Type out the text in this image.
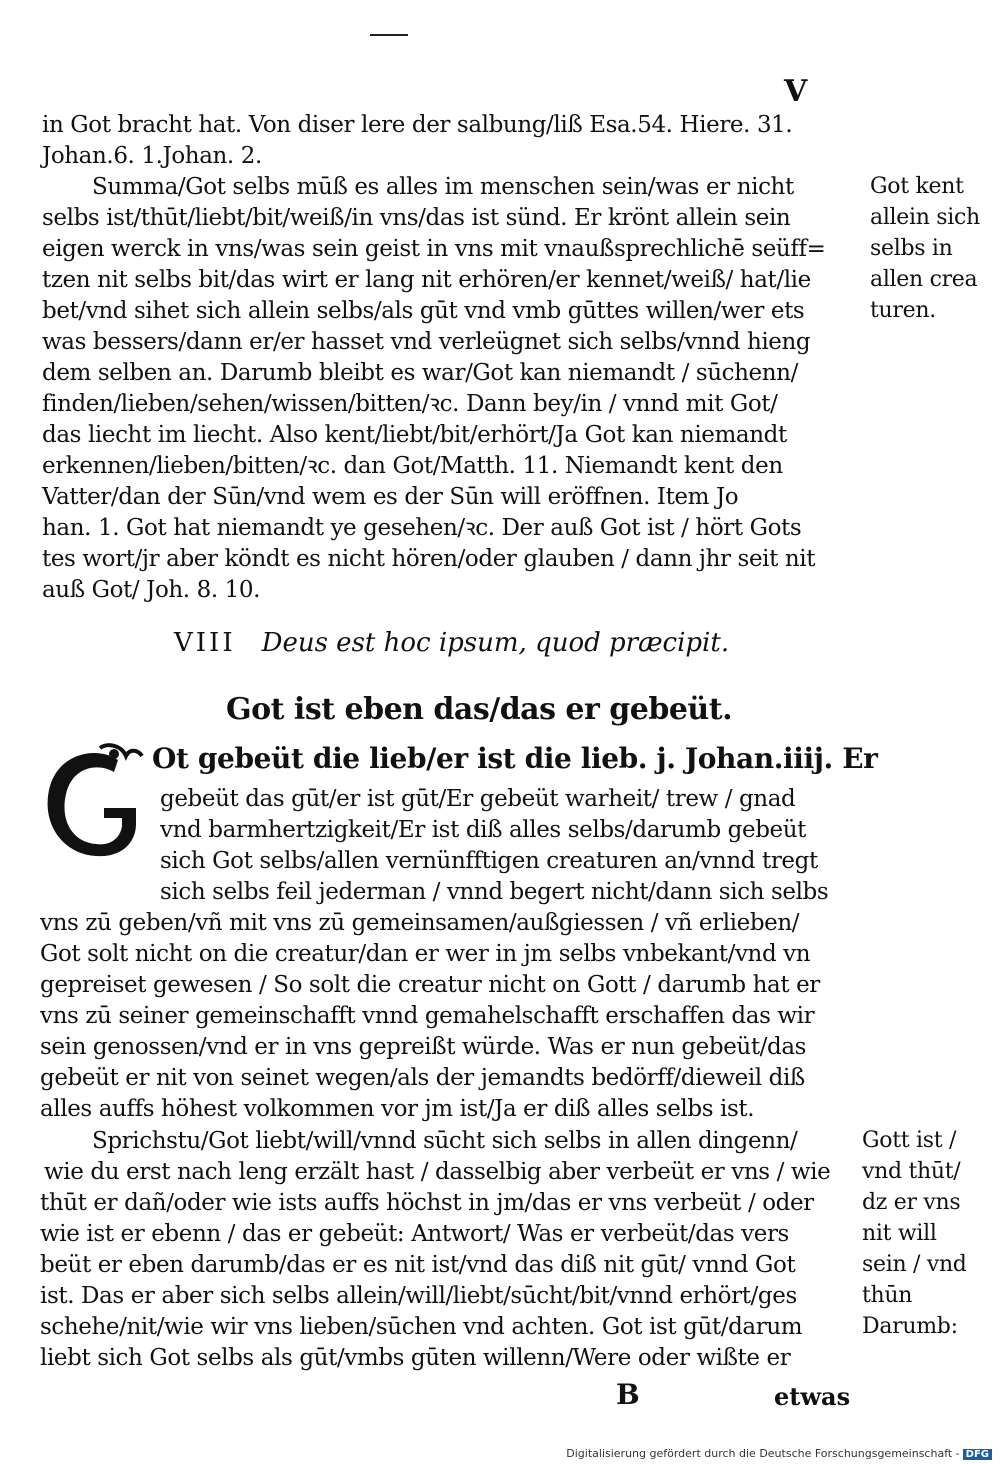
V
in Got bracht hat. Von diser lere der salbung/liß Esa.54. Hiere. 31.
Johan.6. 1.Johan. 2.
Summa/Got selbs mūß es alles im menschen sein/was er nicht
selbs ist/thūt/liebt/bit/weiß/in vns/das ist sünd. Er krönt allein sein
eigen werck in vns/was sein geist in vns mit vnaußsprechlichē seüff=
tzen nit selbs bit/das wirt er lang nit erhören/er kennet/weiß/ hat/lie
bet/vnd sihet sich allein selbs/als gūt vnd vmb gūttes willen/wer ets
was bessers/dann er/er hasset vnd verleügnet sich selbs/vnnd hieng
dem selben an. Darumb bleibt es war/Got kan niemandt / sūchenn/
finden/lieben/sehen/wissen/bitten/ꝛc. Dann bey/in / vnnd mit Got/
das liecht im liecht. Also kent/liebt/bit/erhört/Ja Got kan niemandt
erkennen/lieben/bitten/ꝛc. dan Got/Matth. 11. Niemandt kent den
Vatter/dan der Sūn/vnd wem es der Sūn will eröffnen. Item Jo
han. 1. Got hat niemandt ye gesehen/ꝛc. Der auß Got ist / hört Gots
tes wort/jr aber köndt es nicht hören/oder glauben / dann jhr seit nit
auß Got/ Joh. 8. 10.
Got kent
allein sich
selbs in
allen crea
turen.
VIII Deus est hoc ipsum, quod præcipit.
Got ist eben das/das er gebeüt.
Ot gebeüt die lieb/er ist die lieb. j. Johan.iiij. Er
gebeüt das gūt/er ist gūt/Er gebeüt warheit/ trew / gnad
vnd barmhertzigkeit/Er ist diß alles selbs/darumb gebeüt
sich Got selbs/allen vernünfftigen creaturen an/vnnd tregt
sich selbs feil jederman / vnnd begert nicht/dann sich selbs
vns zū geben/vñ mit vns zū gemeinsamen/außgiessen / vñ erlieben/
Got solt nicht on die creatur/dan er wer in jm selbs vnbekant/vnd vn
gepreiset gewesen / So solt die creatur nicht on Gott / darumb hat er
vns zū seiner gemeinschafft vnnd gemahelschafft erschaffen das wir
sein genossen/vnd er in vns gepreißt würde. Was er nun gebeüt/das
gebeüt er nit von seinet wegen/als der jemandts bedörff/dieweil diß
alles auffs höhest volkommen vor jm ist/Ja er diß alles selbs ist.
Sprichstu/Got liebt/will/vnnd sūcht sich selbs in allen dingenn/
wie du erst nach leng erzält hast / dasselbig aber verbeüt er vns / wie
thūt er dañ/oder wie ists auffs höchst in jm/das er vns verbeüt / oder
wie ist er ebenn / das er gebeüt: Antwort/ Was er verbeüt/das vers
beüt er eben darumb/das er es nit ist/vnd das diß nit gūt/ vnnd Got
ist. Das er aber sich selbs allein/will/liebt/sūcht/bit/vnnd erhört/ges
schehe/nit/wie wir vns lieben/sūchen vnd achten. Got ist gūt/darum
liebt sich Got selbs als gūt/vmbs gūten willenn/Were oder wißte er
Gott ist /
vnd thūt/
dz er vns
nit will
sein / vnd
thūn
Darumb:
B	etwas
Digitalisierung gefördert durch die Deutsche Forschungsgemeinschaft - DFG
